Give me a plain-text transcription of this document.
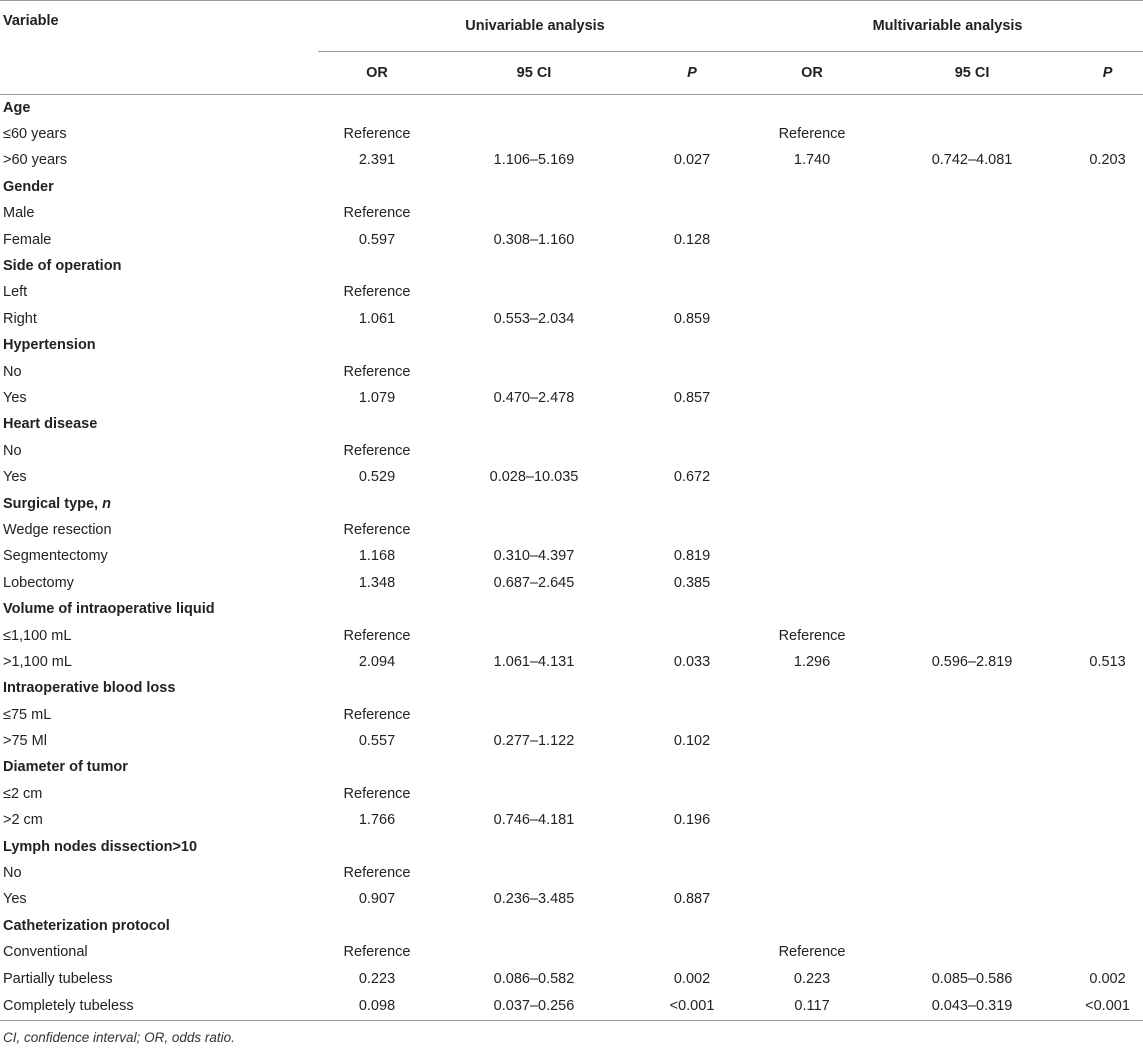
Variable	Univariable analysis			Multivariable analysis		
	OR	95 CI	P	OR	95 CI	P
Age						
≤60 years	Reference			Reference		
>60 years	2.391	1.106–5.169	0.027	1.740	0.742–4.081	0.203
Gender						
Male	Reference					
Female	0.597	0.308–1.160	0.128			
Side of operation						
Left	Reference					
Right	1.061	0.553–2.034	0.859			
Hypertension						
No	Reference					
Yes	1.079	0.470–2.478	0.857			
Heart disease						
No	Reference					
Yes	0.529	0.028–10.035	0.672			
Surgical type, n						
Wedge resection	Reference					
Segmentectomy	1.168	0.310–4.397	0.819			
Lobectomy	1.348	0.687–2.645	0.385			
Volume of intraoperative liquid						
≤1,100 mL	Reference			Reference		
>1,100 mL	2.094	1.061–4.131	0.033	1.296	0.596–2.819	0.513
Intraoperative blood loss						
≤75 mL	Reference					
>75 Ml	0.557	0.277–1.122	0.102			
Diameter of tumor						
≤2 cm	Reference					
>2 cm	1.766	0.746–4.181	0.196			
Lymph nodes dissection>10						
No	Reference					
Yes	0.907	0.236–3.485	0.887			
Catheterization protocol						
Conventional	Reference			Reference		
Partially tubeless	0.223	0.086–0.582	0.002	0.223	0.085–0.586	0.002
Completely tubeless	0.098	0.037–0.256	<0.001	0.117	0.043–0.319	<0.001
CI, confidence interval; OR, odds ratio.
